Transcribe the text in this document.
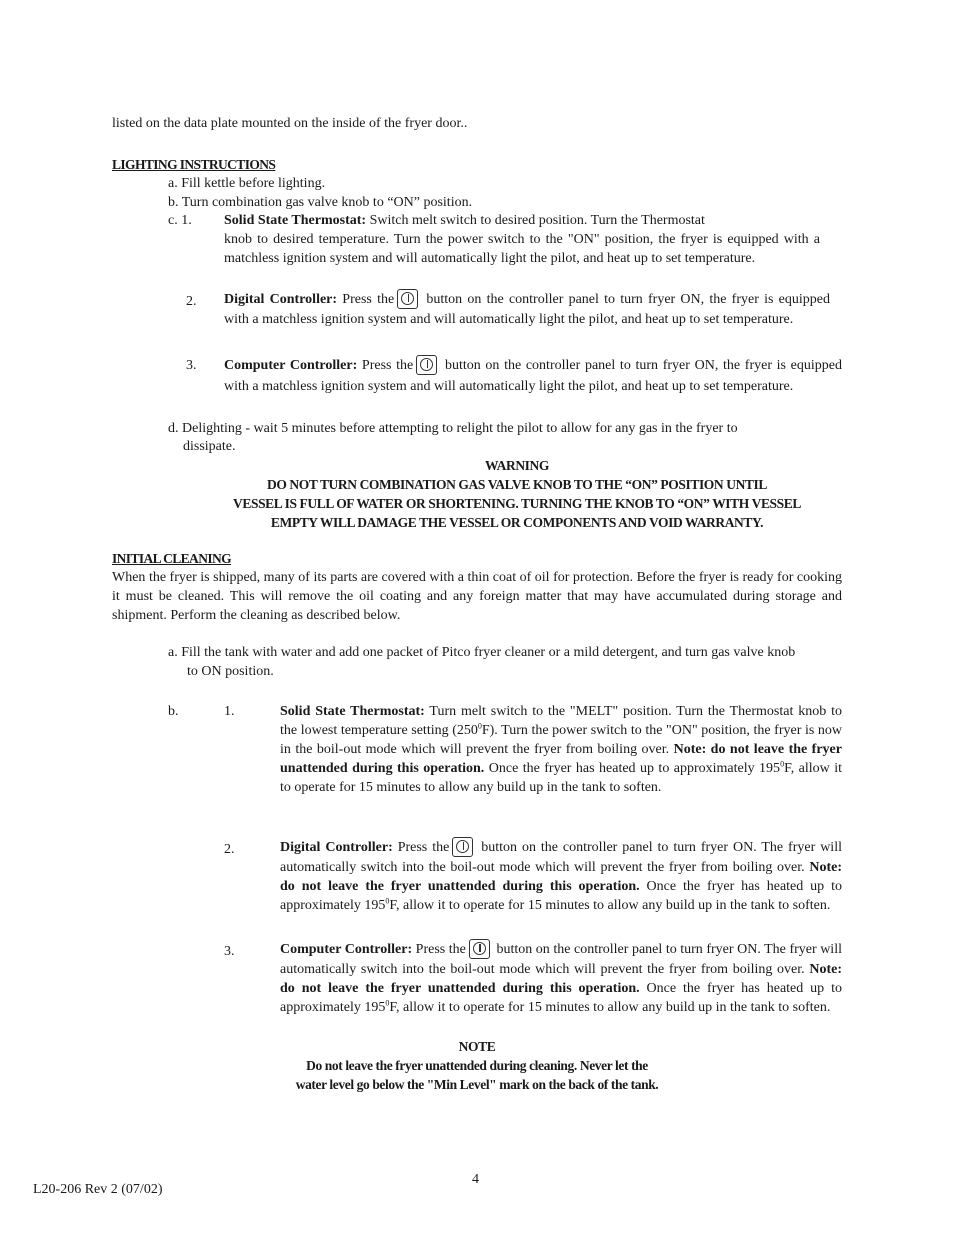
listed on the data plate mounted on the inside of the fryer door..

LIGHTING INSTRUCTIONS

a. Fill kettle before lighting.

b. Turn combination gas valve knob to “ON” position.

c. 1. Solid State Thermostat: Switch melt switch to desired position. Turn the Thermostat

knob to desired temperature. Turn the power switch to the "ON" position, the fryer is equipped with a matchless ignition system and will automatically light the pilot, and heat up to set temperature.

2. Digital Controller: Press the button on the controller panel to turn fryer ON, the fryer is equipped with a matchless ignition system and will automatically light the pilot, and heat up to set temperature.

3. Computer Controller: Press the button on the controller panel to turn fryer ON, the fryer is equipped with a matchless ignition system and will automatically light the pilot, and heat up to set temperature.

d. Delighting - wait 5 minutes before attempting to relight the pilot to allow for any gas in the fryer to

dissipate.

WARNING
DO NOT TURN COMBINATION GAS VALVE KNOB TO THE “ON” POSITION UNTIL
VESSEL IS FULL OF WATER OR SHORTENING. TURNING THE KNOB TO “ON” WITH VESSEL
EMPTY WILL DAMAGE THE VESSEL OR COMPONENTS AND VOID WARRANTY.

INITIAL CLEANING

When the fryer is shipped, many of its parts are covered with a thin coat of oil for protection. Before the fryer is ready for cooking it must be cleaned. This will remove the oil coating and any foreign matter that may have accumulated during storage and shipment. Perform the cleaning as described below.

a. Fill the tank with water and add one packet of Pitco fryer cleaner or a mild detergent, and turn gas valve knob

to ON position.

b.	1.	Solid State Thermostat: Turn melt switch to the "MELT" position. Turn the Thermostat knob to the lowest temperature setting $(250^0F)$. Turn the power switch to the "ON" position, the fryer is now in the boil-out mode which will prevent the fryer from boiling over. Note: do not leave the fryer unattended during this operation. Once the fryer has heated up to approximately $195^0F$, allow it to operate for 15 minutes to allow any build up in the tank to soften.

2.	Digital Controller: Press the button on the controller panel to turn fryer ON. The fryer will automatically switch into the boil-out mode which will prevent the fryer from boiling over. Note: do not leave the fryer unattended during this operation. Once the fryer has heated up to approximately $195^0F$, allow it to operate for 15 minutes to allow any build up in the tank to soften.

3.	Computer Controller: Press the button on the controller panel to turn fryer ON. The fryer will automatically switch into the boil-out mode which will prevent the fryer from boiling over. Note: do not leave the fryer unattended during this operation. Once the fryer has heated up to approximately $195^0F$, allow it to operate for 15 minutes to allow any build up in the tank to soften.

NOTE
Do not leave the fryer unattended during cleaning. Never let the
water level go below the "Min Level" mark on the back of the tank.

4

L20-206 Rev 2 (07/02)
